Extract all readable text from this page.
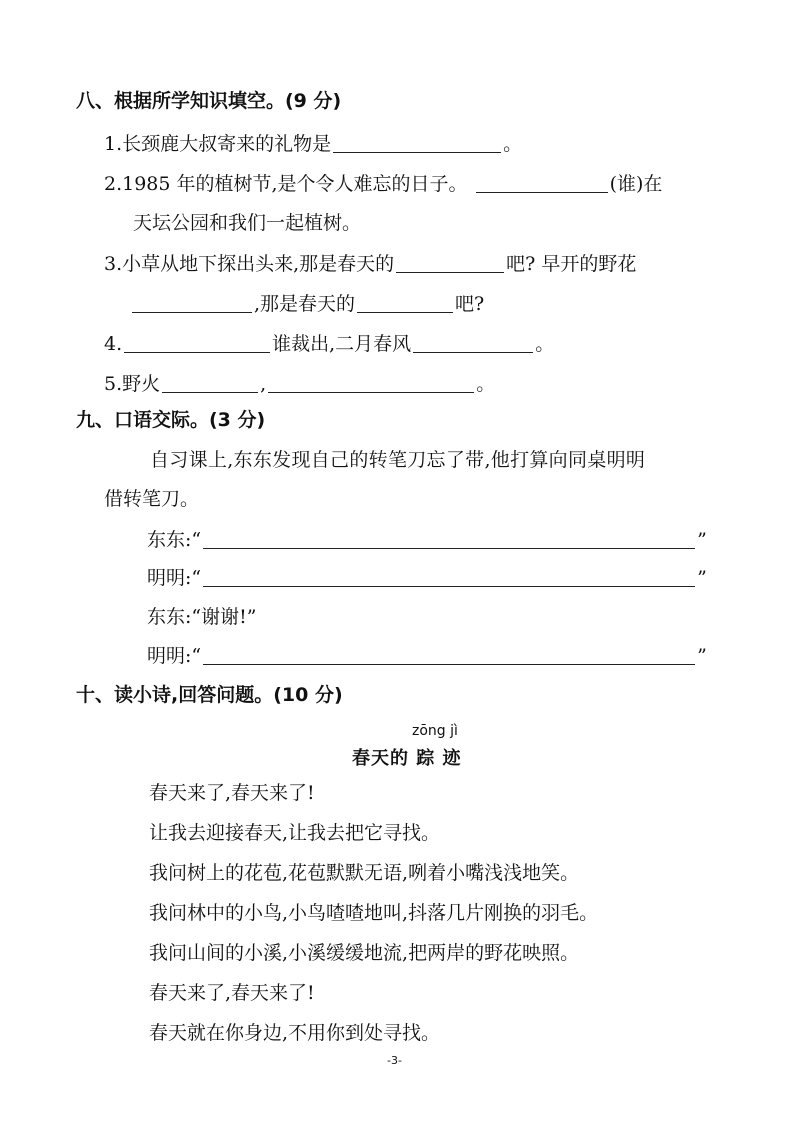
八、根据所学知识填空。(9 分)
1.长颈鹿大叔寄来的礼物是	。
2.1985 年的植树节,是个令人难忘的日子。	(谁)在
天坛公园和我们一起植树。
3.小草从地下探出头来,那是春天的	吧? 早开的野花
,那是春天的	吧?
4.	谁裁出,二月春风	。
5.野火	,	。
九、口语交际。(3 分)
自习课上,东东发现自己的转笔刀忘了带,他打算向同桌明明
借转笔刀。
东东:“	”
明明:“	”
东东:“谢谢!”
明明:“	”
十、读小诗,回答问题。(10 分)
zōng jì
春天的 踪 迹
春天来了,春天来了!
让我去迎接春天,让我去把它寻找。
我问树上的花苞,花苞默默无语,咧着小嘴浅浅地笑。
我问林中的小鸟,小鸟喳喳地叫,抖落几片刚换的羽毛。
我问山间的小溪,小溪缓缓地流,把两岸的野花映照。
春天来了,春天来了!
春天就在你身边,不用你到处寻找。
-3-
